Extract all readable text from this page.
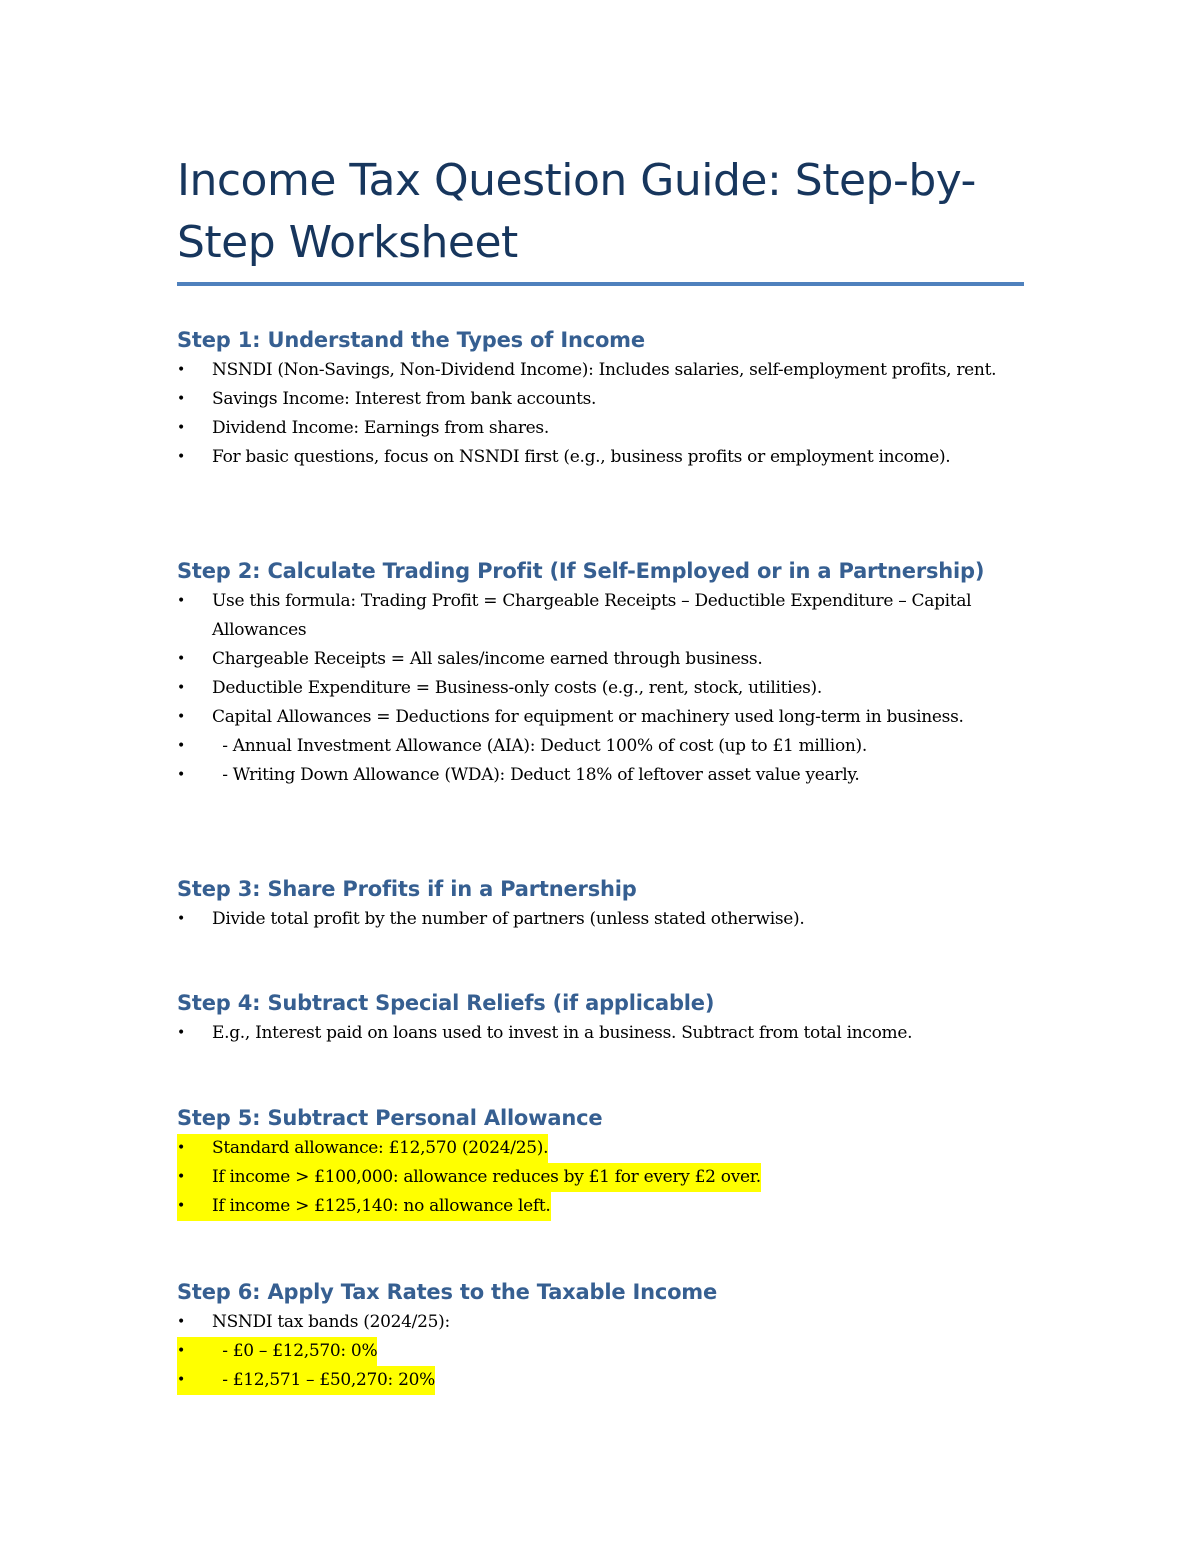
Income Tax Question Guide: Step-by-
Step Worksheet
Step 1: Understand the Types of Income
• NSNDI (Non-Savings, Non-Dividend Income): Includes salaries, self-employment profits, rent.
• Savings Income: Interest from bank accounts.
• Dividend Income: Earnings from shares.
• For basic questions, focus on NSNDI first (e.g., business profits or employment income).
Step 2: Calculate Trading Profit (If Self-Employed or in a Partnership)
• Use this formula: Trading Profit = Chargeable Receipts – Deductible Expenditure – Capital Allowances
• Chargeable Receipts = All sales/income earned through business.
• Deductible Expenditure = Business-only costs (e.g., rent, stock, utilities).
• Capital Allowances = Deductions for equipment or machinery used long-term in business.
• - Annual Investment Allowance (AIA): Deduct 100% of cost (up to £1 million).
• - Writing Down Allowance (WDA): Deduct 18% of leftover asset value yearly.
Step 3: Share Profits if in a Partnership
• Divide total profit by the number of partners (unless stated otherwise).
Step 4: Subtract Special Reliefs (if applicable)
• E.g., Interest paid on loans used to invest in a business. Subtract from total income.
Step 5: Subtract Personal Allowance
• Standard allowance: £12,570 (2024/25).
• If income > £100,000: allowance reduces by £1 for every £2 over.
• If income > £125,140: no allowance left.
Step 6: Apply Tax Rates to the Taxable Income
• NSNDI tax bands (2024/25):
• - £0 – £12,570: 0%
• - £12,571 – £50,270: 20%
